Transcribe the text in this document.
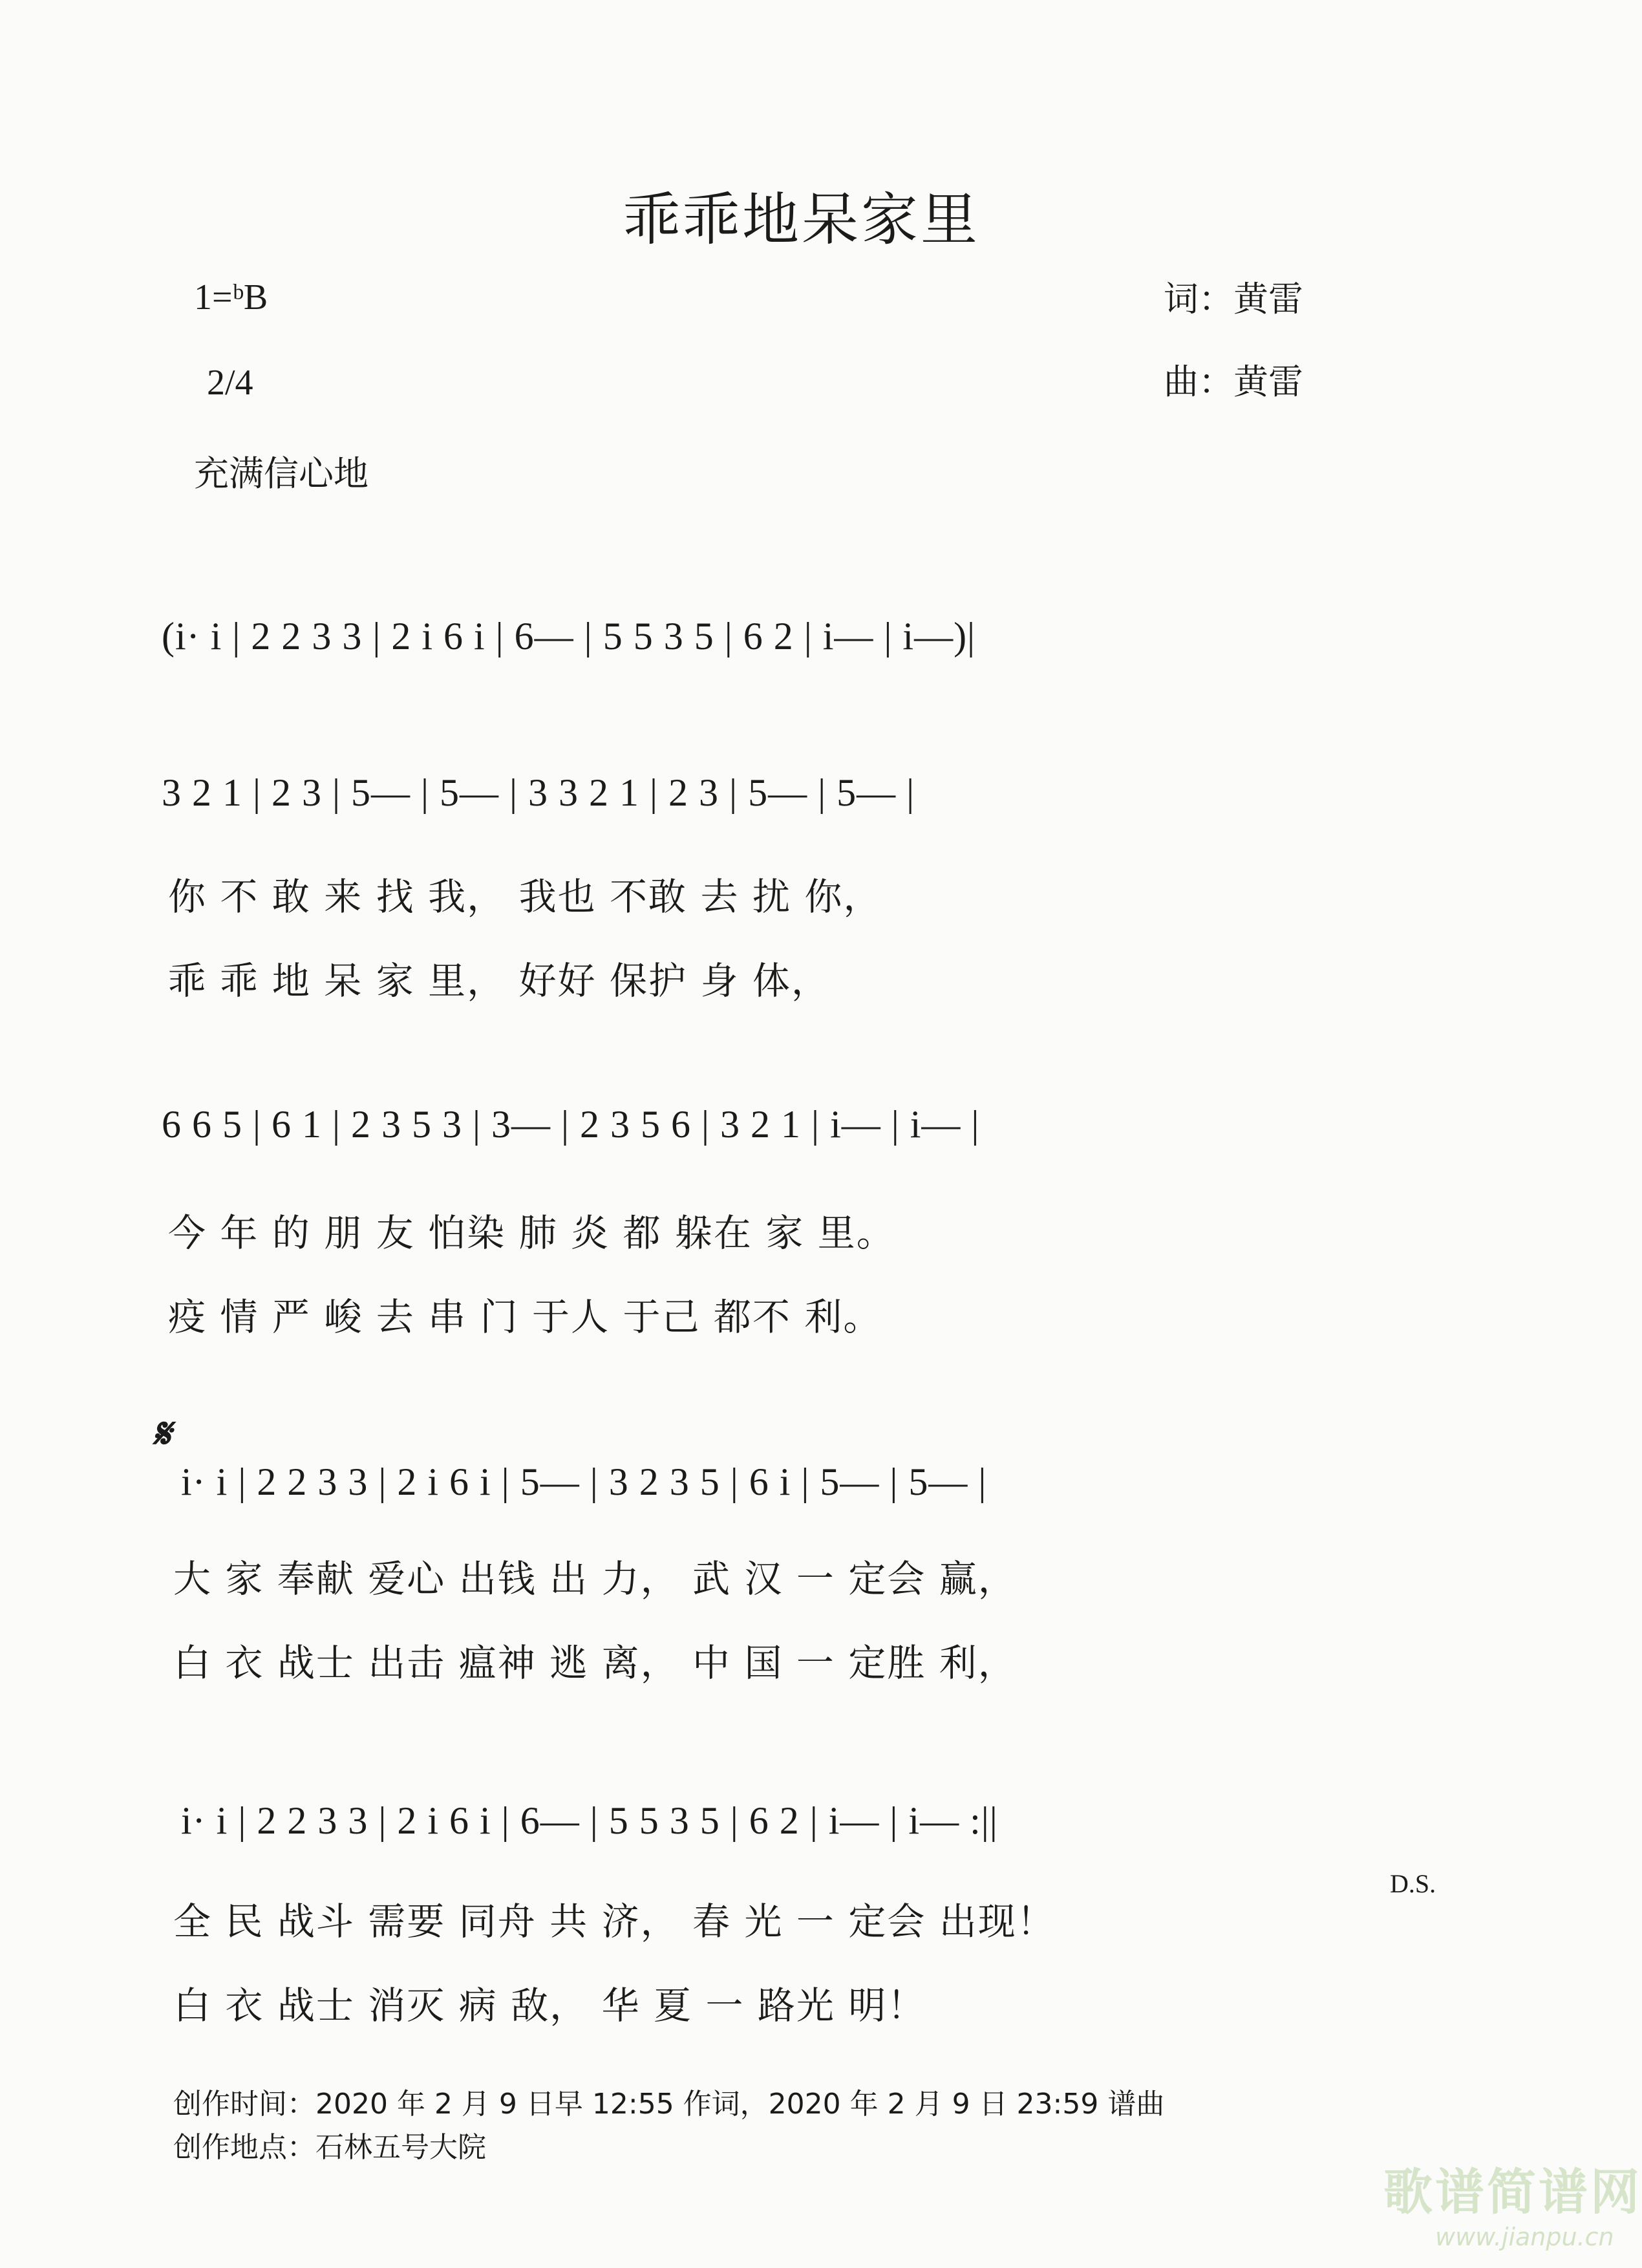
乖乖地呆家里
1=ᵇB
2/4
充满信心地
词：黄雷
曲：黄雷
(i· i | 2 2 3 3 | 2 i 6 i | 6— | 5 5 3 5 | 6 2 | i— | i—)|
3 2 1 | 2 3 | 5— | 5— | 3 3 2 1 | 2 3 | 5— | 5— |
你 不 敢 来 找 我， 我也 不敢 去 扰 你，
乖 乖 地 呆 家 里， 好好 保护 身 体，
6 6 5 | 6 1 | 2 3 5 3 | 3— | 2 3 5 6 | 3 2 1 | i— | i— |
今 年 的 朋 友 怕染 肺 炎 都 躲在 家 里。
疫 情 严 峻 去 串 门 于人 于己 都不 利。
𝄋
i· i | 2 2 3 3 | 2 i 6 i | 5— | 3 2 3 5 | 6 i | 5— | 5— |
大 家 奉献 爱心 出钱 出 力， 武 汉 一 定会 赢，
白 衣 战士 出击 瘟神 逃 离， 中 国 一 定胜 利，
i· i | 2 2 3 3 | 2 i 6 i | 6— | 5 5 3 5 | 6 2 | i— | i— :||
D.S.
全 民 战斗 需要 同舟 共 济， 春 光 一 定会 出现！
白 衣 战士 消灭 病 敌， 华 夏 一 路光 明！
创作时间：2020 年 2 月 9 日早 12:55 作词，2020 年 2 月 9 日 23:59 谱曲
创作地点：石林五号大院
歌谱简谱网
www.jianpu.cn
